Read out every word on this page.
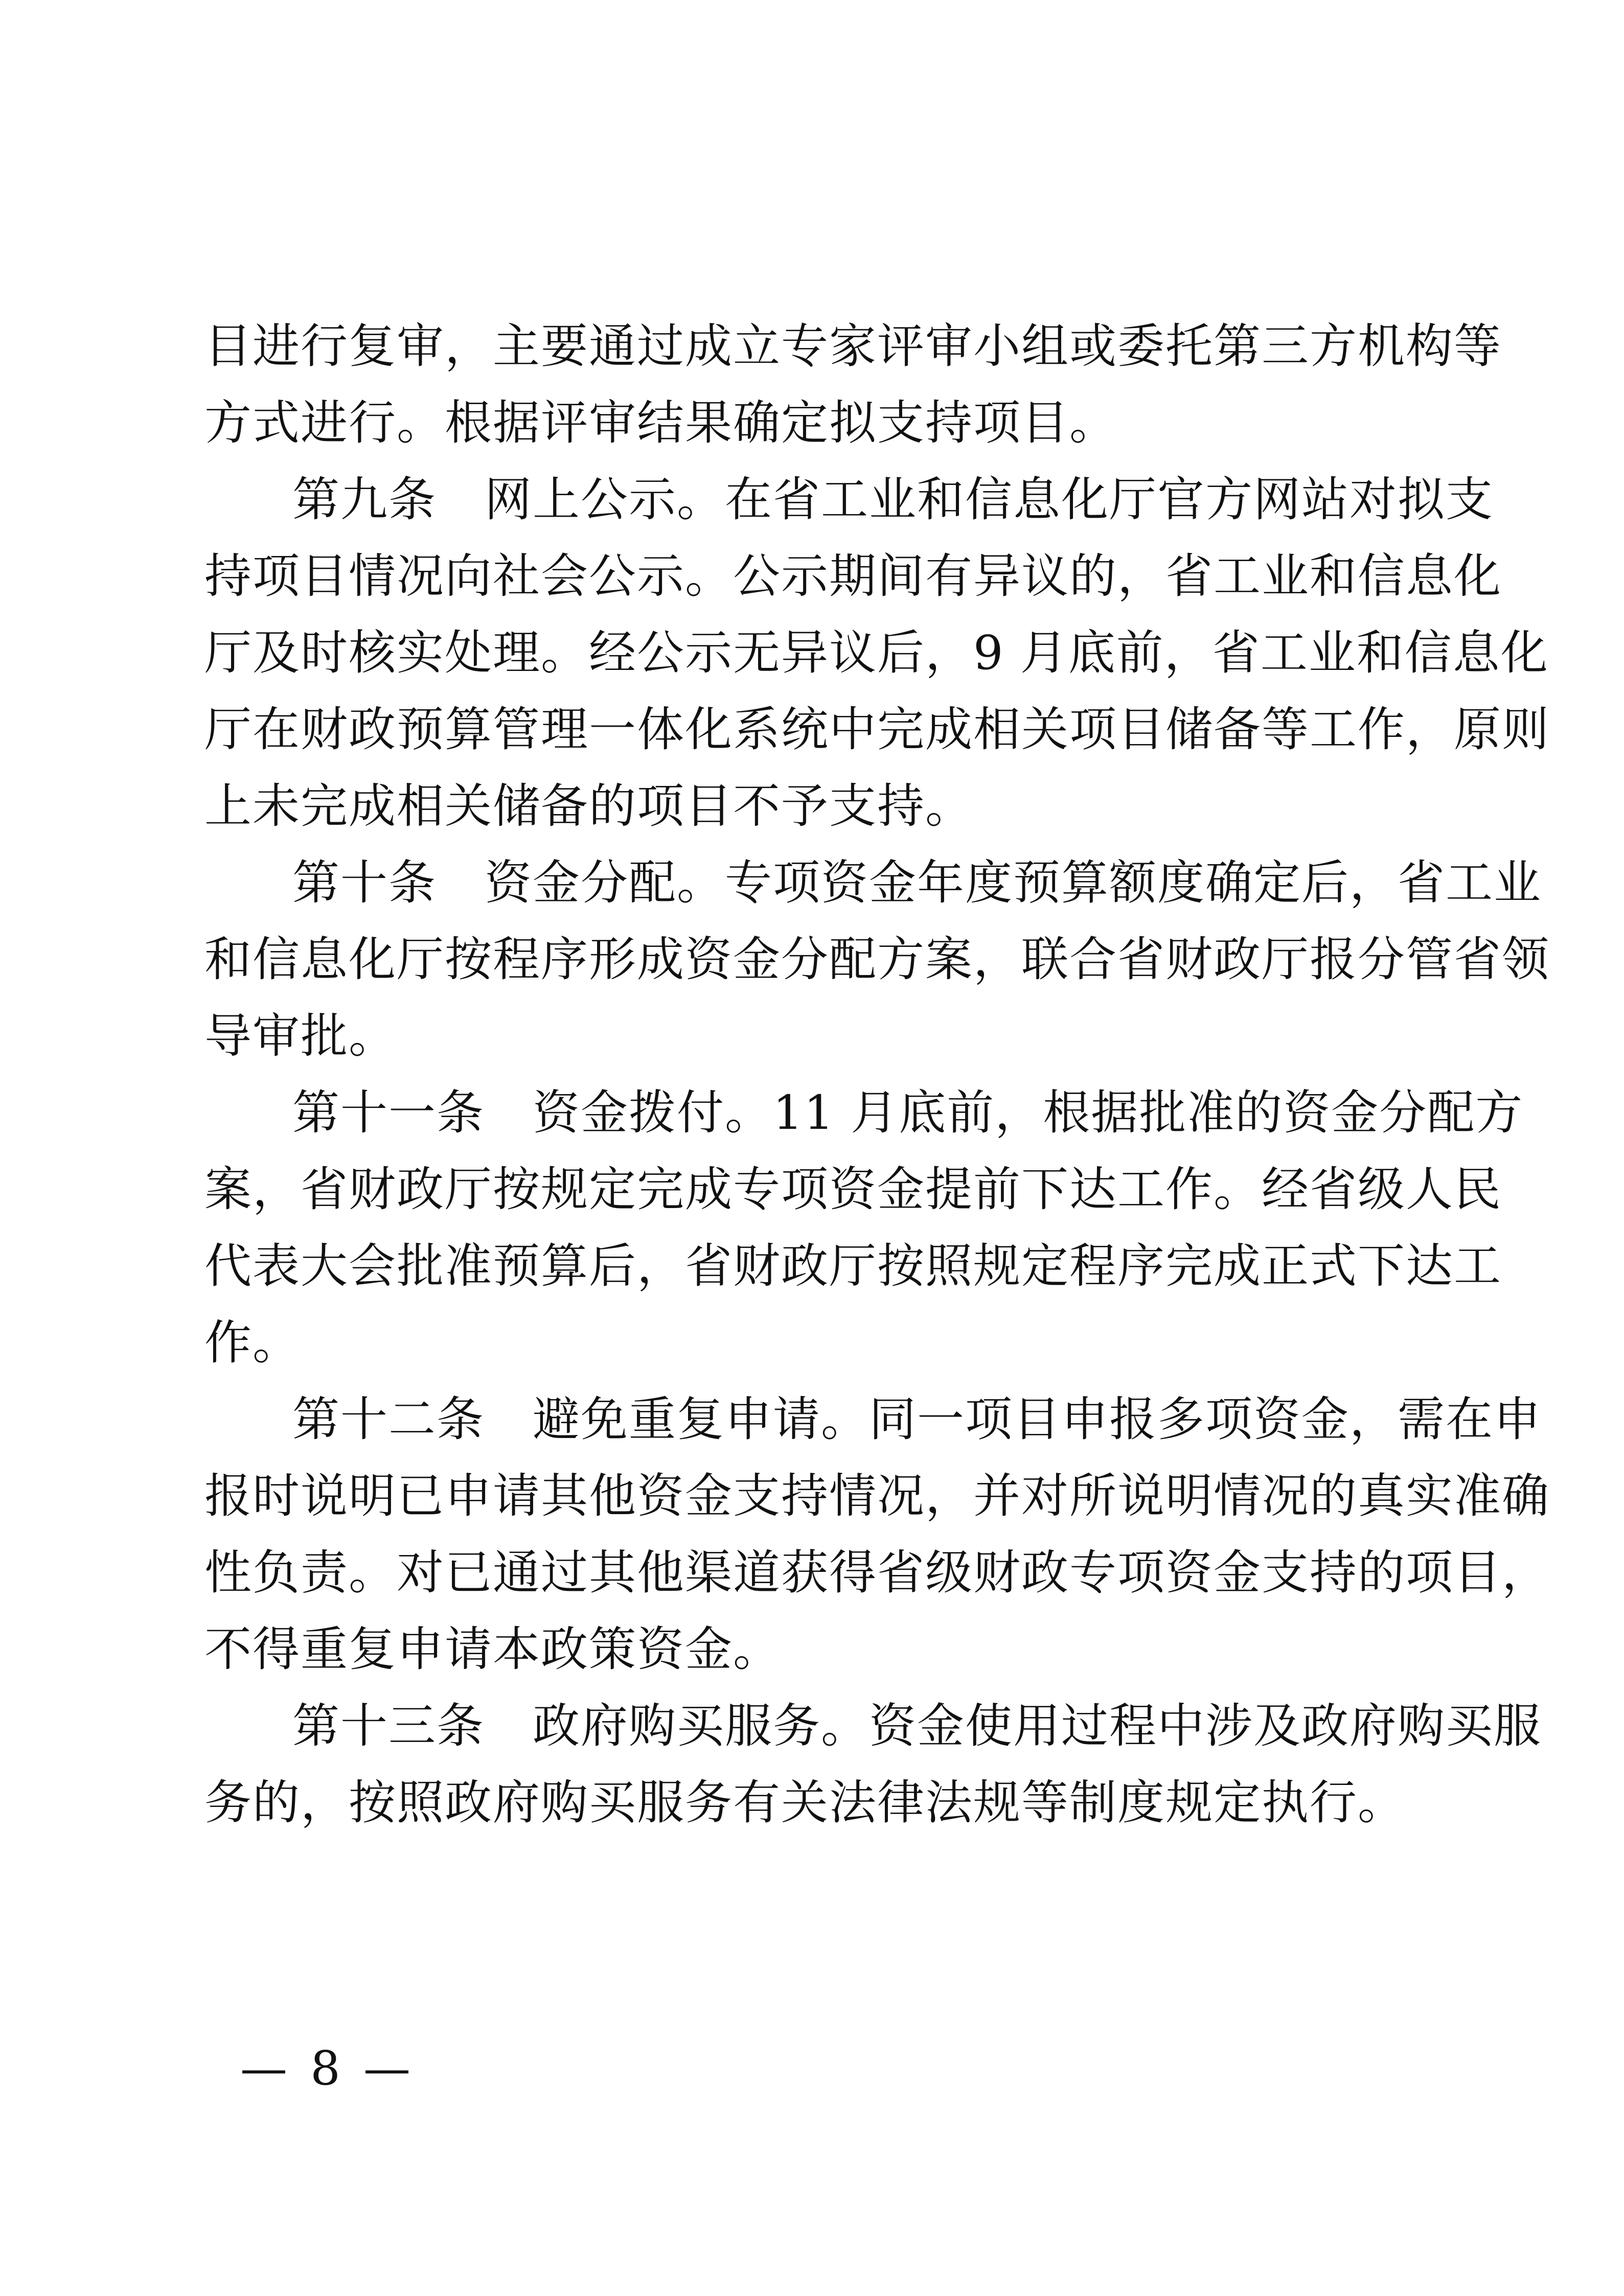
目进行复审，主要通过成立专家评审小组或委托第三方机构等
方式进行。根据评审结果确定拟支持项目。
第九条　网上公示。在省工业和信息化厅官方网站对拟支
持项目情况向社会公示。公示期间有异议的，省工业和信息化
厅及时核实处理。经公示无异议后，9 月底前，省工业和信息化
厅在财政预算管理一体化系统中完成相关项目储备等工作，原则
上未完成相关储备的项目不予支持。
第十条　资金分配。专项资金年度预算额度确定后，省工业
和信息化厅按程序形成资金分配方案，联合省财政厅报分管省领
导审批。
第十一条　资金拨付。11 月底前，根据批准的资金分配方
案，省财政厅按规定完成专项资金提前下达工作。经省级人民
代表大会批准预算后，省财政厅按照规定程序完成正式下达工
作。
第十二条　避免重复申请。同一项目申报多项资金，需在申
报时说明已申请其他资金支持情况，并对所说明情况的真实准确
性负责。对已通过其他渠道获得省级财政专项资金支持的项目，
不得重复申请本政策资金。
第十三条　政府购买服务。资金使用过程中涉及政府购买服
务的，按照政府购买服务有关法律法规等制度规定执行。
— 8 —
